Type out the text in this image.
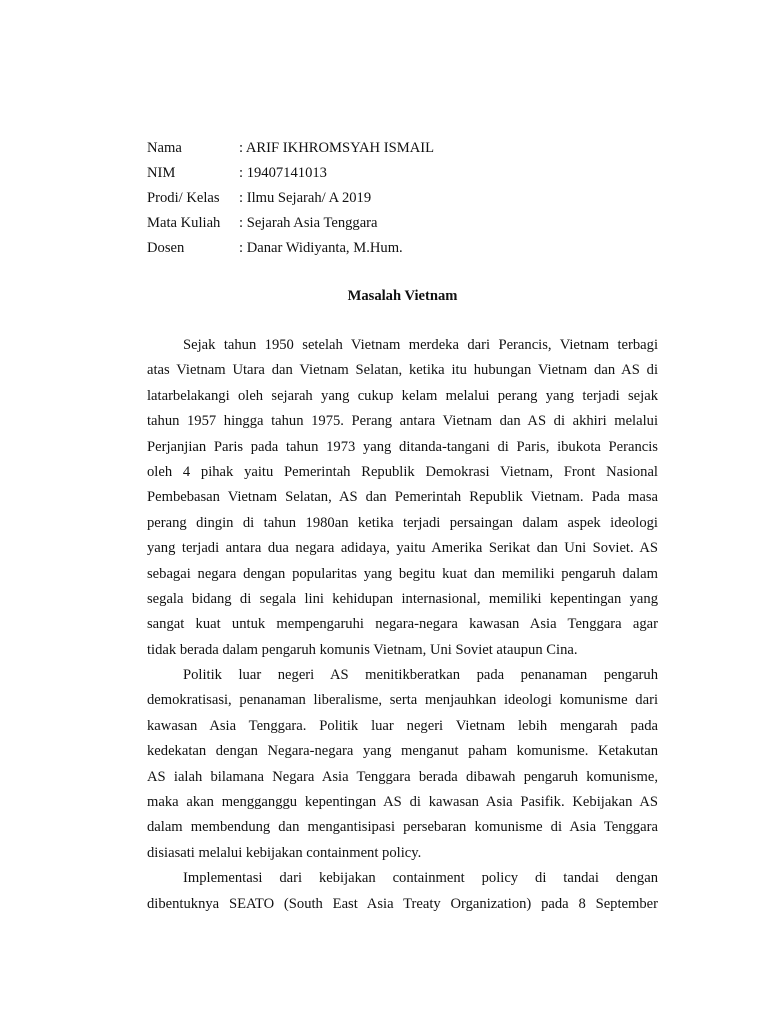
Nama	: ARIF IKHROMSYAH ISMAIL
NIM	: 19407141013
Prodi/ Kelas	: Ilmu Sejarah/ A 2019
Mata Kuliah	: Sejarah Asia Tenggara
Dosen	: Danar Widiyanta, M.Hum.
Masalah Vietnam
Sejak tahun 1950 setelah Vietnam merdeka dari Perancis, Vietnam terbagi
atas Vietnam Utara dan Vietnam Selatan, ketika itu hubungan Vietnam dan AS di
latarbelakangi oleh sejarah yang cukup kelam melalui perang yang terjadi sejak
tahun 1957 hingga tahun 1975. Perang antara Vietnam dan AS di akhiri melalui
Perjanjian Paris pada tahun 1973 yang ditanda-tangani di Paris, ibukota Perancis
oleh 4 pihak yaitu Pemerintah Republik Demokrasi Vietnam, Front Nasional
Pembebasan Vietnam Selatan, AS dan Pemerintah Republik Vietnam. Pada masa
perang dingin di tahun 1980an ketika terjadi persaingan dalam aspek ideologi
yang terjadi antara dua negara adidaya, yaitu Amerika Serikat dan Uni Soviet. AS
sebagai negara dengan popularitas yang begitu kuat dan memiliki pengaruh dalam
segala bidang di segala lini kehidupan internasional, memiliki kepentingan yang
sangat kuat untuk mempengaruhi negara-negara kawasan Asia Tenggara agar
tidak berada dalam pengaruh komunis Vietnam, Uni Soviet ataupun Cina.
Politik luar negeri AS menitikberatkan pada penanaman pengaruh
demokratisasi, penanaman liberalisme, serta menjauhkan ideologi komunisme dari
kawasan Asia Tenggara. Politik luar negeri Vietnam lebih mengarah pada
kedekatan dengan Negara-negara yang menganut paham komunisme. Ketakutan
AS ialah bilamana Negara Asia Tenggara berada dibawah pengaruh komunisme,
maka akan mengganggu kepentingan AS di kawasan Asia Pasifik. Kebijakan AS
dalam membendung dan mengantisipasi persebaran komunisme di Asia Tenggara
disiasati melalui kebijakan containment policy.
Implementasi dari kebijakan containment policy di tandai dengan
dibentuknya SEATO (South East Asia Treaty Organization) pada 8 September
